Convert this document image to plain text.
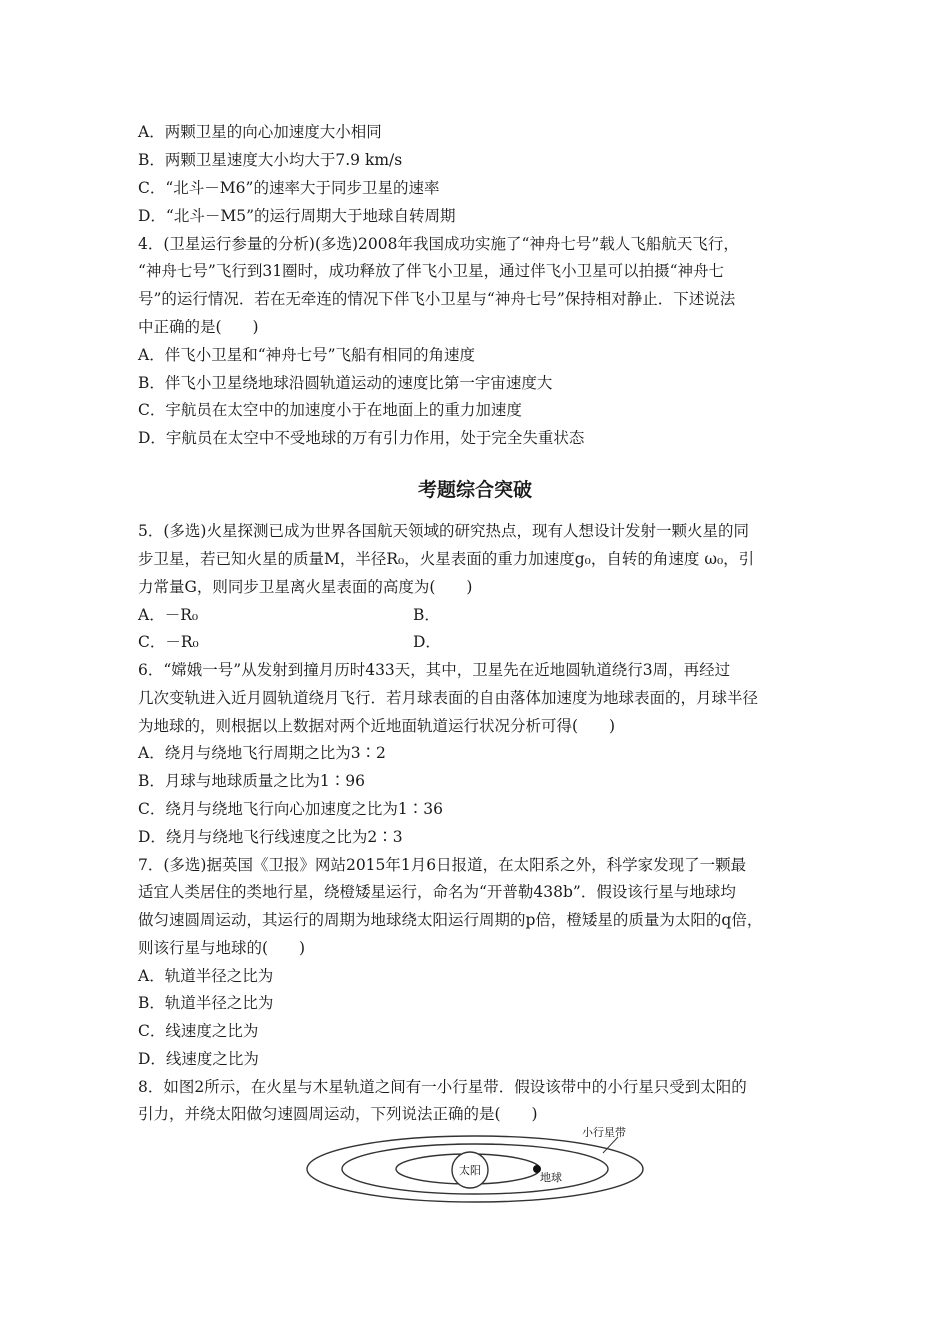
A．两颗卫星的向心加速度大小相同
B．两颗卫星速度大小均大于7.9 km/s
C．“北斗－M6”的速率大于同步卫星的速率
D．“北斗－M5”的运行周期大于地球自转周期
4．(卫星运行参量的分析)(多选)2008年我国成功实施了“神舟七号”载人飞船航天飞行，
“神舟七号”飞行到31圈时，成功释放了伴飞小卫星，通过伴飞小卫星可以拍摄“神舟七
号”的运行情况．若在无牵连的情况下伴飞小卫星与“神舟七号”保持相对静止．下述说法
中正确的是(　　)
A．伴飞小卫星和“神舟七号”飞船有相同的角速度
B．伴飞小卫星绕地球沿圆轨道运动的速度比第一宇宙速度大
C．宇航员在太空中的加速度小于在地面上的重力加速度
D．宇航员在太空中不受地球的万有引力作用，处于完全失重状态
考题综合突破
5．(多选)火星探测已成为世界各国航天领域的研究热点，现有人想设计发射一颗火星的同
步卫星，若已知火星的质量M，半径R₀，火星表面的重力加速度g₀，自转的角速度 ω₀，引
力常量G，则同步卫星离火星表面的高度为(　　)
A．－R₀	B．
C．－R₀	D．
6．“嫦娥一号”从发射到撞月历时433天，其中，卫星先在近地圆轨道绕行3周，再经过
几次变轨进入近月圆轨道绕月飞行．若月球表面的自由落体加速度为地球表面的，月球半径
为地球的，则根据以上数据对两个近地面轨道运行状况分析可得(　　)
A．绕月与绕地飞行周期之比为3∶2
B．月球与地球质量之比为1∶96
C．绕月与绕地飞行向心加速度之比为1∶36
D．绕月与绕地飞行线速度之比为2∶3
7．(多选)据英国《卫报》网站2015年1月6日报道，在太阳系之外，科学家发现了一颗最
适宜人类居住的类地行星，绕橙矮星运行，命名为“开普勒438b”．假设该行星与地球均
做匀速圆周运动，其运行的周期为地球绕太阳运行周期的p倍，橙矮星的质量为太阳的q倍，
则该行星与地球的(　　)
A．轨道半径之比为
B．轨道半径之比为
C．线速度之比为
D．线速度之比为
8．如图2所示，在火星与木星轨道之间有一小行星带．假设该带中的小行星只受到太阳的
引力，并绕太阳做匀速圆周运动，下列说法正确的是(　　)
太阳
地球
小行星带
